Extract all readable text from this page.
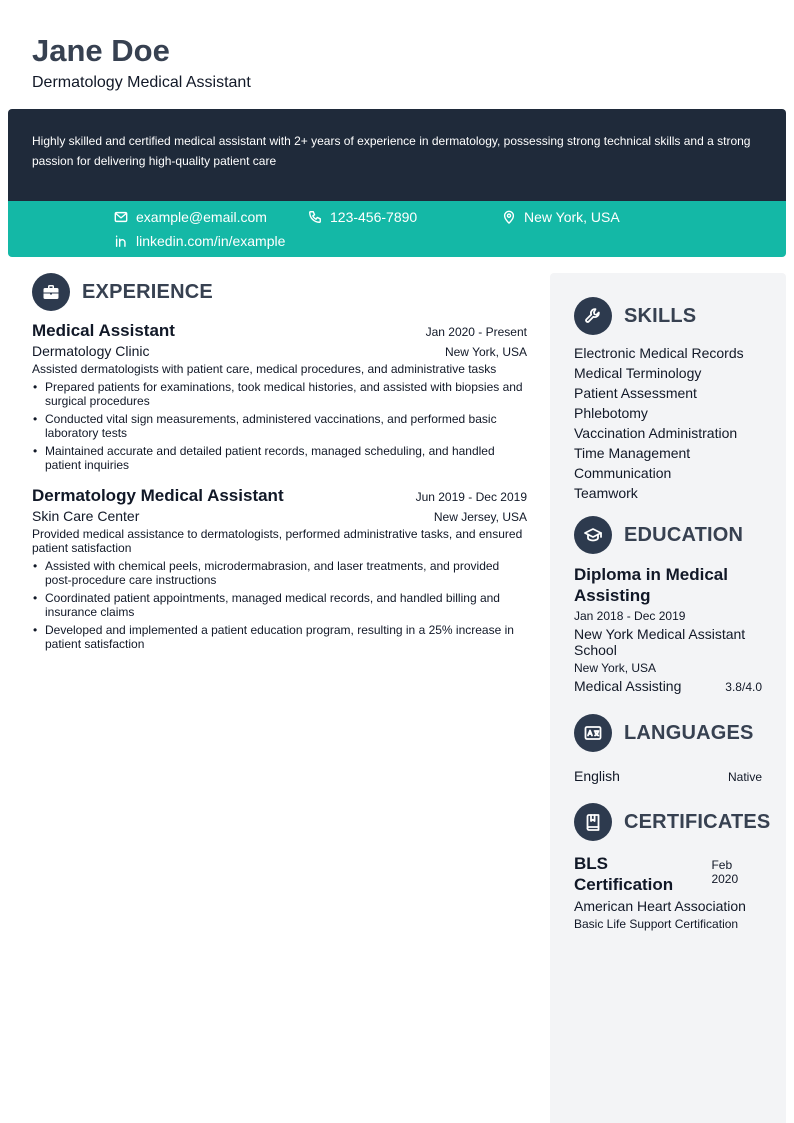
Jane Doe
Dermatology Medical Assistant

Highly skilled and certified medical assistant with 2+ years of experience in dermatology, possessing strong technical skills and a strong passion for delivering high-quality patient care

example@email.com	123-456-7890	New York, USA
linkedin.com/in/example
EXPERIENCE
Medical Assistant	Jan 2020 - Present
Dermatology Clinic	New York, USA

Assisted dermatologists with patient care, medical procedures, and administrative tasks

• Prepared patients for examinations, took medical histories, and assisted with biopsies and surgical procedures
• Conducted vital sign measurements, administered vaccinations, and performed basic laboratory tests
• Maintained accurate and detailed patient records, managed scheduling, and handled patient inquiries
Dermatology Medical Assistant	Jun 2019 - Dec 2019
Skin Care Center	New Jersey, USA

Provided medical assistance to dermatologists, performed administrative tasks, and ensured patient satisfaction

• Assisted with chemical peels, microdermabrasion, and laser treatments, and provided post-procedure care instructions
• Coordinated patient appointments, managed medical records, and handled billing and insurance claims
• Developed and implemented a patient education program, resulting in a 25% increase in patient satisfaction
SKILLS
Electronic Medical Records
Medical Terminology
Patient Assessment
Phlebotomy
Vaccination Administration
Time Management
Communication
Teamwork
EDUCATION
Diploma in Medical Assisting
Jan 2018 - Dec 2019
New York Medical Assistant School
New York, USA
Medical Assisting	3.8/4.0
LANGUAGES
English	Native
CERTIFICATES
BLS Certification
Feb 2020
American Heart Association
Basic Life Support Certification
